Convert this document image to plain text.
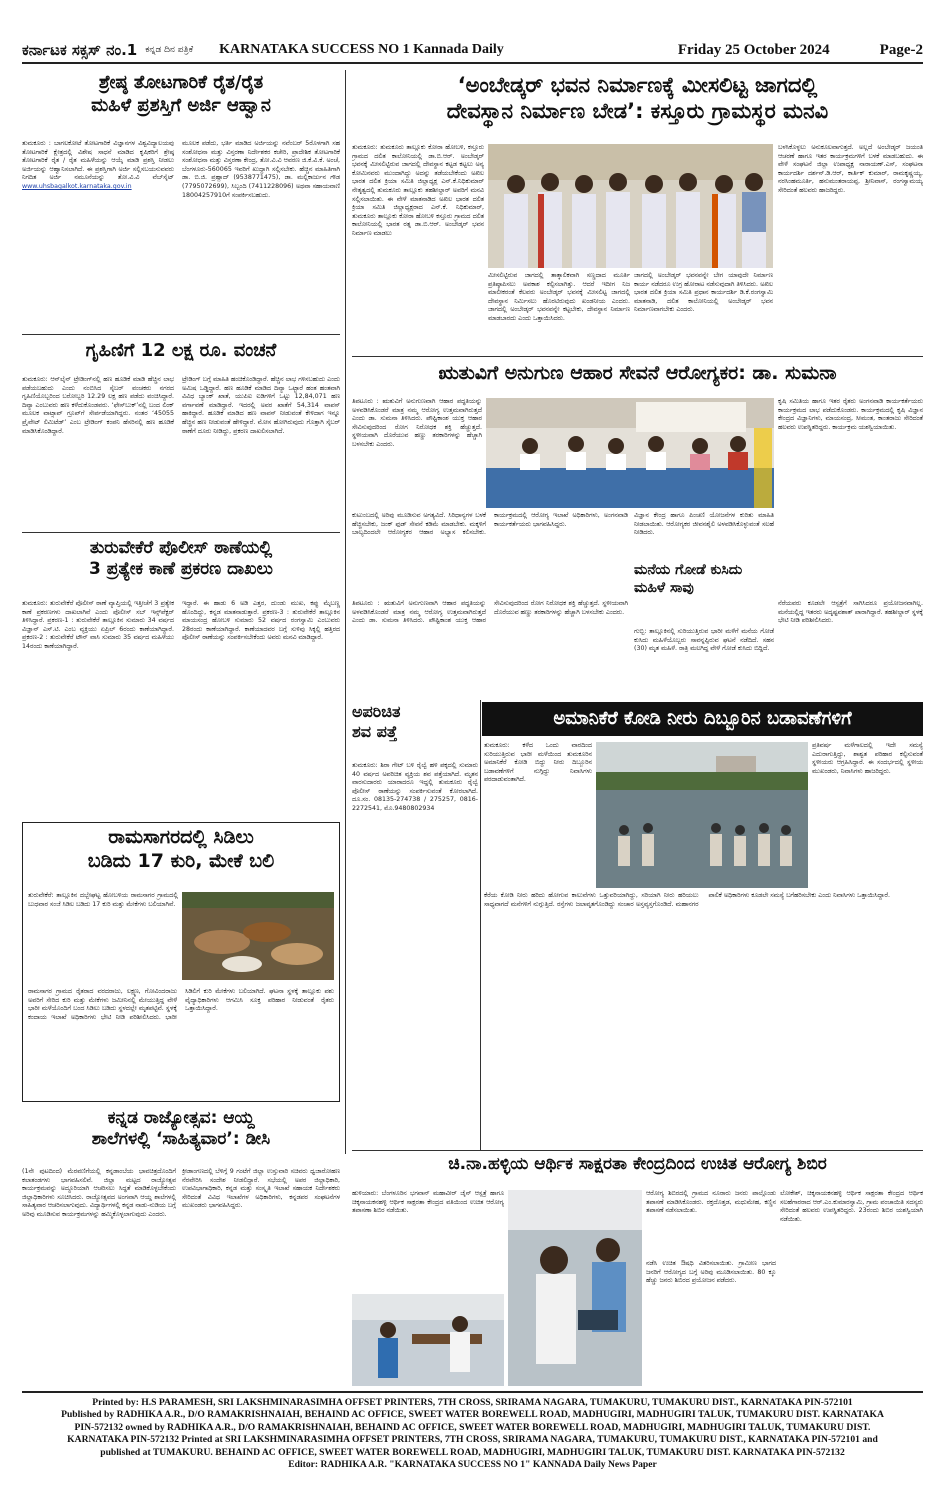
ಕರ್ನಾಟಕ ಸಕ್ಸಸ್ ನಂ.1 ಕನ್ನಡ ದಿನ ಪತ್ರಿಕೆ KARNATAKA SUCCESS NO 1 Kannada Daily	Friday 25 October 2024	Page-2
ಶ್ರೇಷ್ಠ ತೋಟಗಾರಿಕೆ ರೈತ/ರೈತ
ಮಹಿಳೆ ಪ್ರಶಸ್ತಿಗೆ ಅರ್ಜಿ ಆಹ್ವಾನ
ತುಮಕೂರು : ಬಾಗಲಕೋಟೆ ತೋಟಗಾರಿಕೆ ವಿಜ್ಞಾನಗಳ ವಿಶ್ವವಿದ್ಯಾಲಯವು ತೋಟಗಾರಿಕೆ ಕ್ಷೇತ್ರದಲ್ಲಿ ವಿಶೇಷ ಸಾಧನೆ ಮಾಡಿದ ಕೃಷಿಕರಿಗೆ ಶ್ರೇಷ್ಠ ತೋಟಗಾರಿಕೆ ರೈತ / ರೈತ ಮಹಿಳೆಯನ್ನು ಆಯ್ಕೆ ಮಾಡಿ ಪ್ರಶಸ್ತಿ ನೀಡಲು ಅರ್ಜಿಯನ್ನು ಆಹ್ವಾನಿಸಲಾಗಿದೆ. ಈ ಪ್ರಶಸ್ತಿಗಾಗಿ ಅರ್ಜಿ ಸಲ್ಲಿಸಬಯಸುವವರು ನಿಗದಿತ ಅರ್ಜಿ ನಮೂನೆಯನ್ನು ತೋ.ವಿ.ವಿ ವೆಬ್‌ಸೈಟ್ www.uhsbagalkot.karnataka.gov.in
ಮೂಲಕ ಪಡೆದು, ಭರ್ತಿ ಮಾಡಿದ ಅರ್ಜಿಯನ್ನು ನವೆಂಬರ್ 5ರೊಳಗಾಗಿ ಸಹ ಸಂಶೋಧನಾ ಮತ್ತು ವಿಸ್ತರಣಾ ನಿರ್ದೇಶಕರ ಕಚೇರಿ, ಪ್ರಾದೇಶಿಕ ತೋಟಗಾರಿಕೆ ಸಂಶೋಧನಾ ಮತ್ತು ವಿಸ್ತರಣಾ ಕೇಂದ್ರ, ತೋ.ವಿ.ವಿ ಆವರಣ ಜಿ.ಕೆ.ವಿ.ಕೆ. ಅಂಚೆ, ಬೆಂಗಳೂರು-560065 ಇವರಿಗೆ ಖುದ್ದಾಗಿ ಸಲ್ಲಿಸಬೇಕು. ಹೆಚ್ಚಿನ ಮಾಹಿತಿಗಾಗಿ ಡಾ. ಬಿ.ಜಿ. ಪ್ರಹ್ಲಾದ್ (9538771475), ಡಾ. ಮಲ್ಲಿಕಾರ್ಜುನ ಗೌಡ (7795072699), ಸಿಬ್ಬಂದಿ (7411228096) ಅಥವಾ ಸಹಾಯವಾಣಿ 18004257910ಗೆ ಸಂಪರ್ಕಿಸಬಹುದು.
ಗೃಹಿಣಿಗೆ 12 ಲಕ್ಷ ರೂ. ವಂಚನೆ
ತುಮಕೂರು: ಆನ್‌ಲೈನ್ ಟ್ರೇಡಿಂಗ್‌ನಲ್ಲಿ ಹಣ ಹೂಡಿಕೆ ಮಾಡಿ ಹೆಚ್ಚಿನ ಲಾಭ ಪಡೆಯಬಹುದು ಎಂದು ನಂಬಿಸಿದ ಸೈಬರ್ ವಂಚಕರು ನಗರದ ಗೃಹಿಣಿಯೊಬ್ಬರಿಂದ ಬರೋಬ್ಬರಿ 12.29 ಲಕ್ಷ ಹಣ ಪಡೆದು ವಂಚಿಸಿದ್ದಾರೆ. ದಿವ್ಯಾ ಎಂಬುವರು ಹಣ ಕಳೆದುಕೊಂಡವರು. ‘ಫೇಸ್‌ಬುಕ್’ನಲ್ಲಿ ಬಂದ ಲಿಂಕ್ ಮೂಲಕ ವಾಟ್ಸಾಪ್ ಗ್ರೂಪ್‌ಗೆ ಸೇರ್ಪಡೆಯಾಗಿದ್ದರು. ನಂತರ ‘45055 ಪ್ರೈವೇಟ್ ಲಿಮಿಟೆಡ್’ ಎಂಬ ಟ್ರೇಡಿಂಗ್ ಕಂಪನಿ ಹೆಸರಿನಲ್ಲಿ ಹಣ ಹೂಡಿಕೆ ಮಾಡಿಸಿಕೊಂಡಿದ್ದಾರೆ.
ಟ್ರೇಡಿಂಗ್ ಬಗ್ಗೆ ಮಾಹಿತಿ ಹಂಚಿಕೊಂಡಿದ್ದಾರೆ. ಹೆಚ್ಚಿನ ಲಾಭ ಗಳಿಸಬಹುದು ಎಂದು ಅಮಿಷ ಒಡ್ಡಿದ್ದಾರೆ. ಹಣ ಹೂಡಿಕೆ ಮಾಡಿದ ದಿವ್ಯಾ ಒಟ್ಟಾರೆ ಹಂತ ಹಂತವಾಗಿ ವಿವಿಧ ಬ್ಯಾಂಕ್ ಖಾತೆ, ಯುಪಿಐ ಐಡಿಗಳಿಗೆ ಒಟ್ಟು 12,84,071 ಹಣ ವರ್ಗಾವಣೆ ಮಾಡಿದ್ದಾರೆ. ಇದರಲ್ಲಿ ಅವರ ಖಾತೆಗೆ 54,314 ವಾಪಸ್ ಹಾಕಿದ್ದಾರೆ. ಹೂಡಿಕೆ ಮಾಡಿದ ಹಣ ವಾಪಸ್ ನೀಡುವಂತೆ ಕೇಳಿದಾಗ ಇನ್ನೂ ಹೆಚ್ಚಿನ ಹಣ ನೀಡುವಂತೆ ಹೇಳಿದ್ದಾರೆ. ಮೋಸ ಹೋಗಿರುವುದು ಗೊತ್ತಾಗಿ ಸೈಬರ್ ಠಾಣೆಗೆ ದೂರು ನೀಡಿದ್ದು, ಪ್ರಕರಣ ದಾಖಲಿಸಲಾಗಿದೆ.
ತುರುವೇಕೆರೆ ಪೊಲೀಸ್ ಠಾಣೆಯಲ್ಲಿ
3 ಪ್ರತ್ಯೇಕ ಕಾಣೆ ಪ್ರಕರಣ ದಾಖಲು
ತುಮಕೂರು: ತುರುವೇಕೆರೆ ಪೊಲೀಸ್ ಠಾಣೆ ವ್ಯಾಪ್ತಿಯಲ್ಲಿ ಇತ್ತೀಚೆಗೆ 3 ಪ್ರತ್ಯೇಕ ಕಾಣೆ ಪ್ರಕರಣಗಳು ದಾಖಲಾಗಿವೆ ಎಂದು ಪೊಲೀಸ್ ಸಬ್ ಇನ್ಸ್‌ಪೆಕ್ಟರ್ ತಿಳಿಸಿದ್ದಾರೆ. ಪ್ರಕರಣ-1 : ತುರುವೇಕೆರೆ ತಾಲ್ಲೂಕಿನ ಸುಮಾರು 34 ವರ್ಷದ ವಿಜ್ಞಾನ್ ಎಸ್.ಟಿ. ಎಂಬ ವ್ಯಕ್ತಿಯು ಏಪ್ರಿಲ್ 6ರಂದು ಕಾಣೆಯಾಗಿದ್ದಾರೆ. ಪ್ರಕರಣ-2 : ತುರುವೇಕೆರೆ ಟೌನ್ ವಾಸಿ ಸುಮಾರು 35 ವರ್ಷದ ಮಹಿಳೆಯು 14ರಂದು ಕಾಣೆಯಾಗಿದ್ದಾರೆ.
ಇದ್ದಾರೆ. ಈ ಹಾಡು 6 ಅಡಿ ಎತ್ತರ, ದುಂಡು ಮುಖ, ಕಪ್ಪು ಮೈಬಣ್ಣ ಹೊಂದಿದ್ದು, ಕನ್ನಡ ಮಾತನಾಡುತ್ತಾರೆ. ಪ್ರಕರಣ-3 : ತುರುವೇಕೆರೆ ತಾಲ್ಲೂಕಿನ ಮಾಯಸಂದ್ರ ಹೋಬಳಿ ಸುಮಾರು 52 ವರ್ಷದ ರಂಗಸ್ವಾಮಿ ಎಂಬುವರು 28ರಂದು ಕಾಣೆಯಾಗಿದ್ದಾರೆ. ಕಾಣೆಯಾದವರ ಬಗ್ಗೆ ಸುಳಿವು ಸಿಕ್ಕಲ್ಲಿ ಹತ್ತಿರದ ಪೊಲೀಸ್ ಠಾಣೆಯನ್ನು ಸಂಪರ್ಕಿಸಬೇಕೆಂದು ಅವರು ಮನವಿ ಮಾಡಿದ್ದಾರೆ.
ರಾಮಸಾಗರದಲ್ಲಿ ಸಿಡಿಲು
ಬಡಿದು 17 ಕುರಿ, ಮೇಕೆ ಬಲಿ
ತುರುವೇಕೆರೆ: ತಾಲ್ಲೂಕಿನ ದಬ್ಬೇಘಟ್ಟ ಹೋಬಳಿಯ ರಾಮಸಾಗರ ಗ್ರಾಮದಲ್ಲಿ ಬುಧವಾರ ಸಂಜೆ ಸಿಡಿಲ ಬಡಿದು 17 ಕುರಿ ಮತ್ತು ಮೇಕೆಗಳು ಬಲಿಯಾಗಿವೆ.
ರಾಮಸಾಗರ ಗ್ರಾಮದ ರೈತರಾದ ವರದರಾಜು, ಲಕ್ಷ್ಮಣ, ಗೋವಿಂದರಾಜು ಅವರಿಗೆ ಸೇರಿದ ಕುರಿ ಮತ್ತು ಮೇಕೆಗಳು ಜಮೀನಿನಲ್ಲಿ ಮೇಯುತ್ತಿದ್ದ ವೇಳೆ ಭಾರೀ ಮಳೆಯೊಂದಿಗೆ ಬಂದ ಸಿಡಿಲು ಬಡಿದು ಸ್ಥಳದಲ್ಲೇ ಮೃತಪಟ್ಟಿವೆ. ಸ್ಥಳಕ್ಕೆ ಕಂದಾಯ ಇಲಾಖೆ ಅಧಿಕಾರಿಗಳು ಭೇಟಿ ನೀಡಿ ಪರಿಶೀಲಿಸಿದರು. ಭಾರೀ ಸಿಡಿಲಿಗೆ ಕುರಿ ಮೇಕೆಗಳು ಬಲಿಯಾಗಿದೆ. ಘಟನಾ ಸ್ಥಳಕ್ಕೆ ತಾಲ್ಲೂಕು ಪಶು ವೈದ್ಯಾಧಿಕಾರಿಗಳು ಆಗಮಿಸಿ ಸೂಕ್ತ ಪರಿಹಾರ ನೀಡುವಂತೆ ರೈತರು ಒತ್ತಾಯಿಸಿದ್ದಾರೆ.
ಕನ್ನಡ ರಾಜ್ಯೋತ್ಸವ: ಆಯ್ದ
ಶಾಲೆಗಳಲ್ಲಿ ‘ಸಾಹಿತ್ಯವಾರ’: ಡೀಸಿ
(1ನೇ ಪುಟದಿಂದ) ಮೆರವಣಿಗೆಯಲ್ಲಿ ಕನ್ನಡಾಂಬೆಯ ಭಾವಚಿತ್ರದೊಂದಿಗೆ ಕಲಾತಂಡಗಳು ಭಾಗವಹಿಸಲಿವೆ. ಜಿಲ್ಲಾ ಮಟ್ಟದ ರಾಜ್ಯೋತ್ಸವ ಕಾರ್ಯಕ್ರಮವನ್ನು ಅದ್ಧೂರಿಯಾಗಿ ಆಚರಿಸಲು ಸಿದ್ಧತೆ ಮಾಡಿಕೊಳ್ಳಬೇಕೆಂದು ಜಿಲ್ಲಾಧಿಕಾರಿಗಳು ಸೂಚಿಸಿದರು. ರಾಜ್ಯೋತ್ಸವದ ಅಂಗವಾಗಿ ಆಯ್ದ ಶಾಲೆಗಳಲ್ಲಿ ಸಾಹಿತ್ಯವಾರ ಆಚರಿಸಲಾಗುವುದು. ವಿದ್ಯಾರ್ಥಿಗಳಲ್ಲಿ ಕನ್ನಡ ನಾಡು-ನುಡಿಯ ಬಗ್ಗೆ ಅರಿವು ಮೂಡಿಸುವ ಕಾರ್ಯಕ್ರಮಗಳನ್ನು ಹಮ್ಮಿಕೊಳ್ಳಲಾಗುವುದು ಎಂದರು.
ಕ್ರೀಡಾಂಗಣದಲ್ಲಿ ಬೆಳಿಗ್ಗೆ 9 ಗಂಟೆಗೆ ಜಿಲ್ಲಾ ಉಸ್ತುವಾರಿ ಸಚಿವರು ಧ್ವಜಾರೋಹಣ ನೆರವೇರಿಸಿ ಸಂದೇಶ ನೀಡಲಿದ್ದಾರೆ. ಸಭೆಯಲ್ಲಿ ಅಪರ ಜಿಲ್ಲಾಧಿಕಾರಿ, ಉಪವಿಭಾಗಾಧಿಕಾರಿ, ಕನ್ನಡ ಮತ್ತು ಸಂಸ್ಕೃತಿ ಇಲಾಖೆ ಸಹಾಯಕ ನಿರ್ದೇಶಕರು ಸೇರಿದಂತೆ ವಿವಿಧ ಇಲಾಖೆಗಳ ಅಧಿಕಾರಿಗಳು, ಕನ್ನಡಪರ ಸಂಘಟನೆಗಳ ಮುಖಂಡರು ಭಾಗವಹಿಸಿದ್ದರು.
‘ಅಂಬೇಡ್ಕರ್ ಭವನ ನಿರ್ಮಾಣಕ್ಕೆ ಮೀಸಲಿಟ್ಟ ಜಾಗದಲ್ಲಿ
ದೇವಸ್ಥಾನ ನಿರ್ಮಾಣ ಬೇಡ’: ಕಸ್ತೂರು ಗ್ರಾಮಸ್ಥರ ಮನವಿ
ತುಮಕೂರು: ತುಮಕೂರು ತಾಲ್ಲೂಕು ಕೋರಾ ಹೋಬಳಿ, ಕಸ್ತೂರು ಗ್ರಾಮದ ದಲಿತ ಕಾಲೋನಿಯಲ್ಲಿ ಡಾ.ಬಿ.ಆರ್. ಅಂಬೇಡ್ಕರ್ ಭವನಕ್ಕೆ ಮೀಸಲಿಟ್ಟಿರುವ ಜಾಗದಲ್ಲಿ ದೇವಸ್ಥಾನ ಕಟ್ಟಡ ಕಟ್ಟಲು ಅನ್ಯ ಕೋಮಿನವರು ಮುಂದಾಗಿದ್ದು ಅದನ್ನು ತಡೆಯಬೇಕೆಂದು ಅಖಿಲ ಭಾರತ ದಲಿತ ಕ್ರಿಯಾ ಸಮಿತಿ ಜಿಲ್ಲಾಧ್ಯಕ್ಷ ಎನ್.ಕೆ.ನಿಧಿಕುಮಾರ್ ನೇತೃತ್ವದಲ್ಲಿ ತುಮಕೂರು ತಾಲ್ಲೂಕು ತಹಶೀಲ್ದಾರ್ ಅವರಿಗೆ ಮನವಿ ಸಲ್ಲಿಸಲಾಯಿತು. ಈ ವೇಳೆ ಮಾತನಾಡಿದ ಅಖಿಲ ಭಾರತ ದಲಿತ ಕ್ರಿಯಾ ಸಮಿತಿ ಜಿಲ್ಲಾಧ್ಯಕ್ಷರಾದ ಎನ್.ಕೆ. ನಿಧಿಕುಮಾರ್, ತುಮಕೂರು ತಾಲ್ಲೂಕು ಕೋರಾ ಹೋಬಳಿ ಕಸ್ತೂರು ಗ್ರಾಮದ ದಲಿತ ಕಾಲೋನಿಯಲ್ಲಿ ಭಾರತ ರತ್ನ ಡಾ.ಬಿ.ಆರ್. ಅಂಬೇಡ್ಕರ್ ಭವನ ನಿರ್ಮಾಣ ಮಾಡಲು
ಮೀಸಲಿಟ್ಟಿರುವ ಜಾಗದಲ್ಲಿ ತಾತ್ಕಾಲಿಕವಾಗಿ ಸಣ್ಣದಾದ ಮೂರ್ತಿ ಪ್ರತಿಷ್ಠಾಪಿಸಲು ಅವಕಾಶ ಕಲ್ಪಿಸಲಾಗಿತ್ತು. ಆದರೆ ಇದೀಗ ನಿಜ ಮಾಲೀಕರಂತೆ ಕೆಲವರು ಅಂಬೇಡ್ಕರ್ ಭವನಕ್ಕೆ ಮೀಸಲಿಟ್ಟ ಜಾಗದಲ್ಲಿ ದೇವಸ್ಥಾನ ನಿರ್ಮಿಸಲು ಹೊರಟಿರುವುದು ಖಂಡನೀಯ ಎಂದರು. ಜಾಗದಲ್ಲಿ ಅಂಬೇಡ್ಕರ್ ಭವನವನ್ನೇ ಕಟ್ಟಬೇಕು, ದೇವಸ್ಥಾನ ನಿರ್ಮಾಣ ಮಾಡಬಾರದು ಎಂದು ಒತ್ತಾಯಿಸಿದರು.
ಜಾಗದಲ್ಲಿ ಅಂಬೇಡ್ಕರ್ ಭವನವನ್ನೇ ಬೇಗ ಯಾವುದೇ ನಿರ್ಮಾಣ ಕಾರ್ಯ ನಡೆದರೂ ಉಗ್ರ ಹೋರಾಟ ನಡೆಸುವುದಾಗಿ ತಿಳಿಸಿದರು. ಅಖಿಲ ಭಾರತ ದಲಿತ ಕ್ರಿಯಾ ಸಮಿತಿ ಪ್ರಧಾನ ಕಾರ್ಯದರ್ಶಿ ಡಿ.ಕೆ.ರಂಗಸ್ವಾಮಿ ಮಾತನಾಡಿ, ದಲಿತ ಕಾಲೋನಿಯಲ್ಲಿ ಅಂಬೇಡ್ಕರ್ ಭವನ ನಿರ್ಮಾಣವಾಗಬೇಕು ಎಂದರು.
ಬಳಸಿಕೊಳ್ಳಲು ಅನುಕೂಲವಾಗುತ್ತದೆ. ಅಲ್ಲದೆ ಅಂಬೇಡ್ಕರ್ ಜಯಂತಿ ಆಚರಣೆ ಹಾಗೂ ಇತರ ಕಾರ್ಯಕ್ರಮಗಳಿಗೆ ಬಳಕೆ ಮಾಡಬಹುದು. ಈ ವೇಳೆ ಸಂಘಟನೆ ಜಿಲ್ಲಾ ಉಪಾಧ್ಯಕ್ಷ ನಾರಾಯಣ್.ಎಸ್, ಸಂಘಟನಾ ಕಾರ್ಯದರ್ಶಿ ದರ್ಶನ್.ಡಿ.ಆರ್, ಕಾರ್ತಿಕ್ ಕುಮಾರ್, ರಾಮಕೃಷ್ಣಯ್ಯ, ನರಸಿಂಹಮೂರ್ತಿ, ಹನುಮಂತರಾಯಪ್ಪ, ಶ್ರೀನಿವಾಸ್, ರಂಗಸ್ವಾಮಯ್ಯ ಸೇರಿದಂತೆ ಹಲವರು ಹಾಜರಿದ್ದರು.
ಋತುವಿಗೆ ಅನುಗುಣ ಆಹಾರ ಸೇವನೆ ಆರೋಗ್ಯಕರ: ಡಾ. ಸುಮನಾ
ತಿಪಟೂರು : ಋತುವಿಗೆ ಅನುಗುಣವಾಗಿ ಆಹಾರ ಪದ್ಧತಿಯನ್ನು ಅಳವಡಿಸಿಕೊಂಡರೆ ಮಾತ್ರ ನಮ್ಮ ಆರೋಗ್ಯ ಉತ್ತಮವಾಗಿರುತ್ತದೆ ಎಂದು ಡಾ. ಸುಮನಾ ತಿಳಿಸಿದರು. ಪೌಷ್ಟಿಕಾಂಶ ಯುಕ್ತ ಆಹಾರ ಸೇವಿಸುವುದರಿಂದ ರೋಗ ನಿರೋಧಕ ಶಕ್ತಿ ಹೆಚ್ಚುತ್ತದೆ. ಸ್ಥಳೀಯವಾಗಿ ದೊರೆಯುವ ಹಣ್ಣು ತರಕಾರಿಗಳನ್ನು ಹೆಚ್ಚಾಗಿ ಬಳಸಬೇಕು ಎಂದರು.
ಕುಟುಂಬದಲ್ಲಿ ಅರಿವು ಮೂಡಿಸುವ ಅಗತ್ಯವಿದೆ. ಸಿರಿಧಾನ್ಯಗಳ ಬಳಕೆ ಹೆಚ್ಚಿಸಬೇಕು, ಜಂಕ್ ಫುಡ್ ಸೇವನೆ ಕಡಿಮೆ ಮಾಡಬೇಕು. ಮಕ್ಕಳಿಗೆ ಬಾಲ್ಯದಿಂದಲೇ ಆರೋಗ್ಯಕರ ಆಹಾರ ಅಭ್ಯಾಸ ಕಲಿಸಬೇಕು. ಕಾರ್ಯಕ್ರಮದಲ್ಲಿ ಆರೋಗ್ಯ ಇಲಾಖೆ ಅಧಿಕಾರಿಗಳು, ಅಂಗನವಾಡಿ ಕಾರ್ಯಕರ್ತೆಯರು ಭಾಗವಹಿಸಿದ್ದರು.
ವಿಜ್ಞಾನ ಕೇಂದ್ರ ಹಾಗೂ ಪಿಂಚಣಿ ಯೋಜನೆಗಳ ಕುರಿತು ಮಾಹಿತಿ ನೀಡಲಾಯಿತು. ಆರೋಗ್ಯಕರ ಜೀವನಶೈಲಿ ಅಳವಡಿಸಿಕೊಳ್ಳುವಂತೆ ಸಲಹೆ ನೀಡಿದರು.
ಕೃಷಿ ಸಮಿತಿಯ ಹಾಗೂ ಇತರ ರೈತರು ಅಂಗನವಾಡಿ ಕಾರ್ಯಕರ್ತೆಯರು ಕಾರ್ಯಕ್ರಮದ ಲಾಭ ಪಡೆದುಕೊಂಡರು. ಕಾರ್ಯಕ್ರಮದಲ್ಲಿ ಕೃಷಿ ವಿಜ್ಞಾನ ಕೇಂದ್ರದ ವಿಜ್ಞಾನಿಗಳು, ಮಾಯಸಂದ್ರ, ಸೀಮಂತ, ಕಾಂತರಾಜು ಸೇರಿದಂತೆ ಹಲವರು ಉಪಸ್ಥಿತರಿದ್ದರು. ಕಾರ್ಯಕ್ರಮ ಯಶಸ್ವಿಯಾಯಿತು.
ಮನೆಯ ಗೋಡೆ ಕುಸಿದು ಮಹಿಳೆ ಸಾವು
ಗುಬ್ಬಿ: ತಾಲ್ಲೂಕಿನಲ್ಲಿ ಸುರಿಯುತ್ತಿರುವ ಭಾರೀ ಮಳೆಗೆ ಮನೆಯ ಗೋಡೆ ಕುಸಿದು ಮಹಿಳೆಯೊಬ್ಬರು ಸಾವನ್ನಪ್ಪಿರುವ ಘಟನೆ ನಡೆದಿದೆ. ಸಹನ (30) ಮೃತ ಮಹಿಳೆ. ರಾತ್ರಿ ಮಲಗಿದ್ದ ವೇಳೆ ಗೋಡೆ ಕುಸಿದು ಬಿದ್ದಿದೆ.
ನೆರೆಯವರು ಕೂಡಲೇ ಆಸ್ಪತ್ರೆಗೆ ಸಾಗಿಸಿದರೂ ಪ್ರಯೋಜನವಾಗಿಲ್ಲ. ಮನೆಯಲ್ಲಿದ್ದ ಇತರರು ಅದೃಷ್ಟವಶಾತ್ ಪಾರಾಗಿದ್ದಾರೆ. ತಹಶೀಲ್ದಾರ್ ಸ್ಥಳಕ್ಕೆ ಭೇಟಿ ನೀಡಿ ಪರಿಶೀಲಿಸಿದರು.
ತಿಪಟೂರು : ಋತುವಿಗೆ ಅನುಗುಣವಾಗಿ ಆಹಾರ ಪದ್ಧತಿಯನ್ನು ಅಳವಡಿಸಿಕೊಂಡರೆ ಮಾತ್ರ ನಮ್ಮ ಆರೋಗ್ಯ ಉತ್ತಮವಾಗಿರುತ್ತದೆ ಎಂದು ಡಾ. ಸುಮನಾ ತಿಳಿಸಿದರು. ಪೌಷ್ಟಿಕಾಂಶ ಯುಕ್ತ ಆಹಾರ ಸೇವಿಸುವುದರಿಂದ ರೋಗ ನಿರೋಧಕ ಶಕ್ತಿ ಹೆಚ್ಚುತ್ತದೆ. ಸ್ಥಳೀಯವಾಗಿ ದೊರೆಯುವ ಹಣ್ಣು ತರಕಾರಿಗಳನ್ನು ಹೆಚ್ಚಾಗಿ ಬಳಸಬೇಕು ಎಂದರು.
ಅಮಾನಿಕೆರೆ ಕೋಡಿ ನೀರು ದಿಬ್ಬೂರಿನ ಬಡಾವಣೆಗಳಿಗೆ
ತುಮಕೂರು: ಕಳೆದ ಒಂದು ವಾರದಿಂದ ಸುರಿಯುತ್ತಿರುವ ಭಾರೀ ಮಳೆಯಿಂದ ತುಮಕೂರಿನ ಅಮಾನಿಕೆರೆ ಕೋಡಿ ಬಿದ್ದು ನೀರು ದಿಬ್ಬೂರಿನ ಬಡಾವಣೆಗಳಿಗೆ ನುಗ್ಗಿದ್ದು ನಿವಾಸಿಗಳು ಪರದಾಡುವಂತಾಗಿದೆ.
ಪ್ರತಿವರ್ಷ ಮಳೆಗಾಲದಲ್ಲಿ ಇದೇ ಸಮಸ್ಯೆ ಎದುರಾಗುತ್ತಿದ್ದು, ಶಾಶ್ವತ ಪರಿಹಾರ ಕಲ್ಪಿಸುವಂತೆ ಸ್ಥಳೀಯರು ಆಗ್ರಹಿಸಿದ್ದಾರೆ. ಈ ಸಂದರ್ಭದಲ್ಲಿ ಸ್ಥಳೀಯ ಮುಖಂಡರು, ನಿವಾಸಿಗಳು ಹಾಜರಿದ್ದರು.
ಕೆರೆಯ ಕೋಡಿ ನೀರು ಹರಿದು ಹೋಗುವ ಕಾಲುವೆಗಳು ಒತ್ತುವರಿಯಾಗಿದ್ದು, ಸರಿಯಾಗಿ ನೀರು ಹರಿಯಲು ಸಾಧ್ಯವಾಗದೆ ಮನೆಗಳಿಗೆ ನುಗ್ಗುತ್ತಿದೆ. ರಸ್ತೆಗಳು ಜಲಾವೃತಗೊಂಡಿದ್ದು ಸಂಚಾರ ಅಸ್ತವ್ಯಸ್ತಗೊಂಡಿದೆ. ಮಹಾನಗರ ಪಾಲಿಕೆ ಅಧಿಕಾರಿಗಳು ಕೂಡಲೇ ಸಮಸ್ಯೆ ಬಗೆಹರಿಸಬೇಕು ಎಂದು ನಿವಾಸಿಗಳು ಒತ್ತಾಯಿಸಿದ್ದಾರೆ.
ಅಪರಿಚಿತ
ಶವ ಪತ್ತೆ
ತುಮಕೂರು: ಶಿರಾ ಗೇಟ್ ಬಳಿ ರೈಲ್ವೆ ಹಳಿ ಪಕ್ಕದಲ್ಲಿ ಸುಮಾರು 40 ವರ್ಷದ ಅಪರಿಚಿತ ವ್ಯಕ್ತಿಯ ಶವ ಪತ್ತೆಯಾಗಿದೆ. ಮೃತನ ವಾರಸುದಾರರು ಯಾರಾದರೂ ಇದ್ದಲ್ಲಿ ತುಮಕೂರು ರೈಲ್ವೆ ಪೊಲೀಸ್ ಠಾಣೆಯನ್ನು ಸಂಪರ್ಕಿಸುವಂತೆ ಕೋರಲಾಗಿದೆ. ದೂ.ಸಂ. 08135-274738 / 275257, 0816-2272541, ಮೊ.9480802934
ಚಿ.ನಾ.ಹಳ್ಳಿಯ ಆರ್ಥಿಕ ಸಾಕ್ಷರತಾ ಕೇಂದ್ರದಿಂದ ಉಚಿತ ಆರೋಗ್ಯ ಶಿಬಿರ
ಹುಳಿಯಾರು: ಬೆಂಗಳೂರಿನ ಭಗವಾನ್ ಮಹಾವೀರ್ ಜೈನ್ ಆಸ್ಪತ್ರೆ ಹಾಗೂ ಚಿಕ್ಕನಾಯಕನಹಳ್ಳಿ ಆರ್ಥಿಕ ಸಾಕ್ಷರತಾ ಕೇಂದ್ರದ ವತಿಯಿಂದ ಉಚಿತ ಆರೋಗ್ಯ ತಪಾಸಣಾ ಶಿಬಿರ ನಡೆಯಿತು.
ಆರೋಗ್ಯ ಶಿಬಿರದಲ್ಲಿ ಗ್ರಾಮದ ನೂರಾರು ಜನರು ಪಾಲ್ಗೊಂಡು ತಪಾಸಣೆ ಮಾಡಿಸಿಕೊಂಡರು. ರಕ್ತದೊತ್ತಡ, ಮಧುಮೇಹ, ಕಣ್ಣಿನ ತಪಾಸಣೆ ನಡೆಸಲಾಯಿತು.
ನಡೆಸಿ ಉಚಿತ ಔಷಧಿ ವಿತರಿಸಲಾಯಿತು. ಗ್ರಾಮೀಣ ಭಾಗದ ಜನರಿಗೆ ಆರೋಗ್ಯದ ಬಗ್ಗೆ ಅರಿವು ಮೂಡಿಸಲಾಯಿತು. 80 ಕ್ಕೂ ಹೆಚ್ಚು ಜನರು ಶಿಬಿರದ ಪ್ರಯೋಜನ ಪಡೆದರು.
ಲೋಕೇಶ್, ಚಿಕ್ಕನಾಯಕನಹಳ್ಳಿ ಆರ್ಥಿಕ ಸಾಕ್ಷರತಾ ಕೇಂದ್ರದ ಆರ್ಥಿಕ ಸಲಹೆಗಾರರಾದ ಆರ್.ಎಂ.ಕುಮಾರಸ್ವಾಮಿ, ಗ್ರಾಮ ಪಂಚಾಯಿತಿ ಸದಸ್ಯರು ಸೇರಿದಂತೆ ಹಲವರು ಉಪಸ್ಥಿತರಿದ್ದರು. 23ರಂದು ಶಿಬಿರ ಯಶಸ್ವಿಯಾಗಿ ನಡೆಯಿತು.
Printed by: H.S PARAMESH, SRI LAKSHMINARASIMHA OFFSET PRINTERS, 7TH CROSS, SRIRAMA NAGARA, TUMAKURU, TUMAKURU DIST., KARNATAKA PIN-572101
Published by RADHIKA A.R., D/O RAMAKRISHNAIAH, BEHAIND AC OFFICE, SWEET WATER BOREWELL ROAD, MADHUGIRI, MADHUGIRI TALUK, TUMAKURU DIST. KARNATAKA
PIN-572132 owned by RADHIKA A.R., D/O RAMAKRISHNAIAH, BEHAIND AC OFFICE, SWEET WATER BOREWELL ROAD, MADHUGIRI, MADHUGIRI TALUK, TUMAKURU DIST.
KARNATAKA PIN-572132 Printed at SRI LAKSHMINARASIMHA OFFSET PRINTERS, 7TH CROSS, SRIRAMA NAGARA, TUMAKURU, TUMAKURU DIST., KARNATAKA PIN-572101 and
published at TUMAKURU. BEHAIND AC OFFICE, SWEET WATER BOREWELL ROAD, MADHUGIRI, MADHUGIRI TALUK, TUMAKURU DIST. KARNATAKA PIN-572132
Editor: RADHIKA A.R. "KARNATAKA SUCCESS NO 1" KANNADA Daily News Paper
